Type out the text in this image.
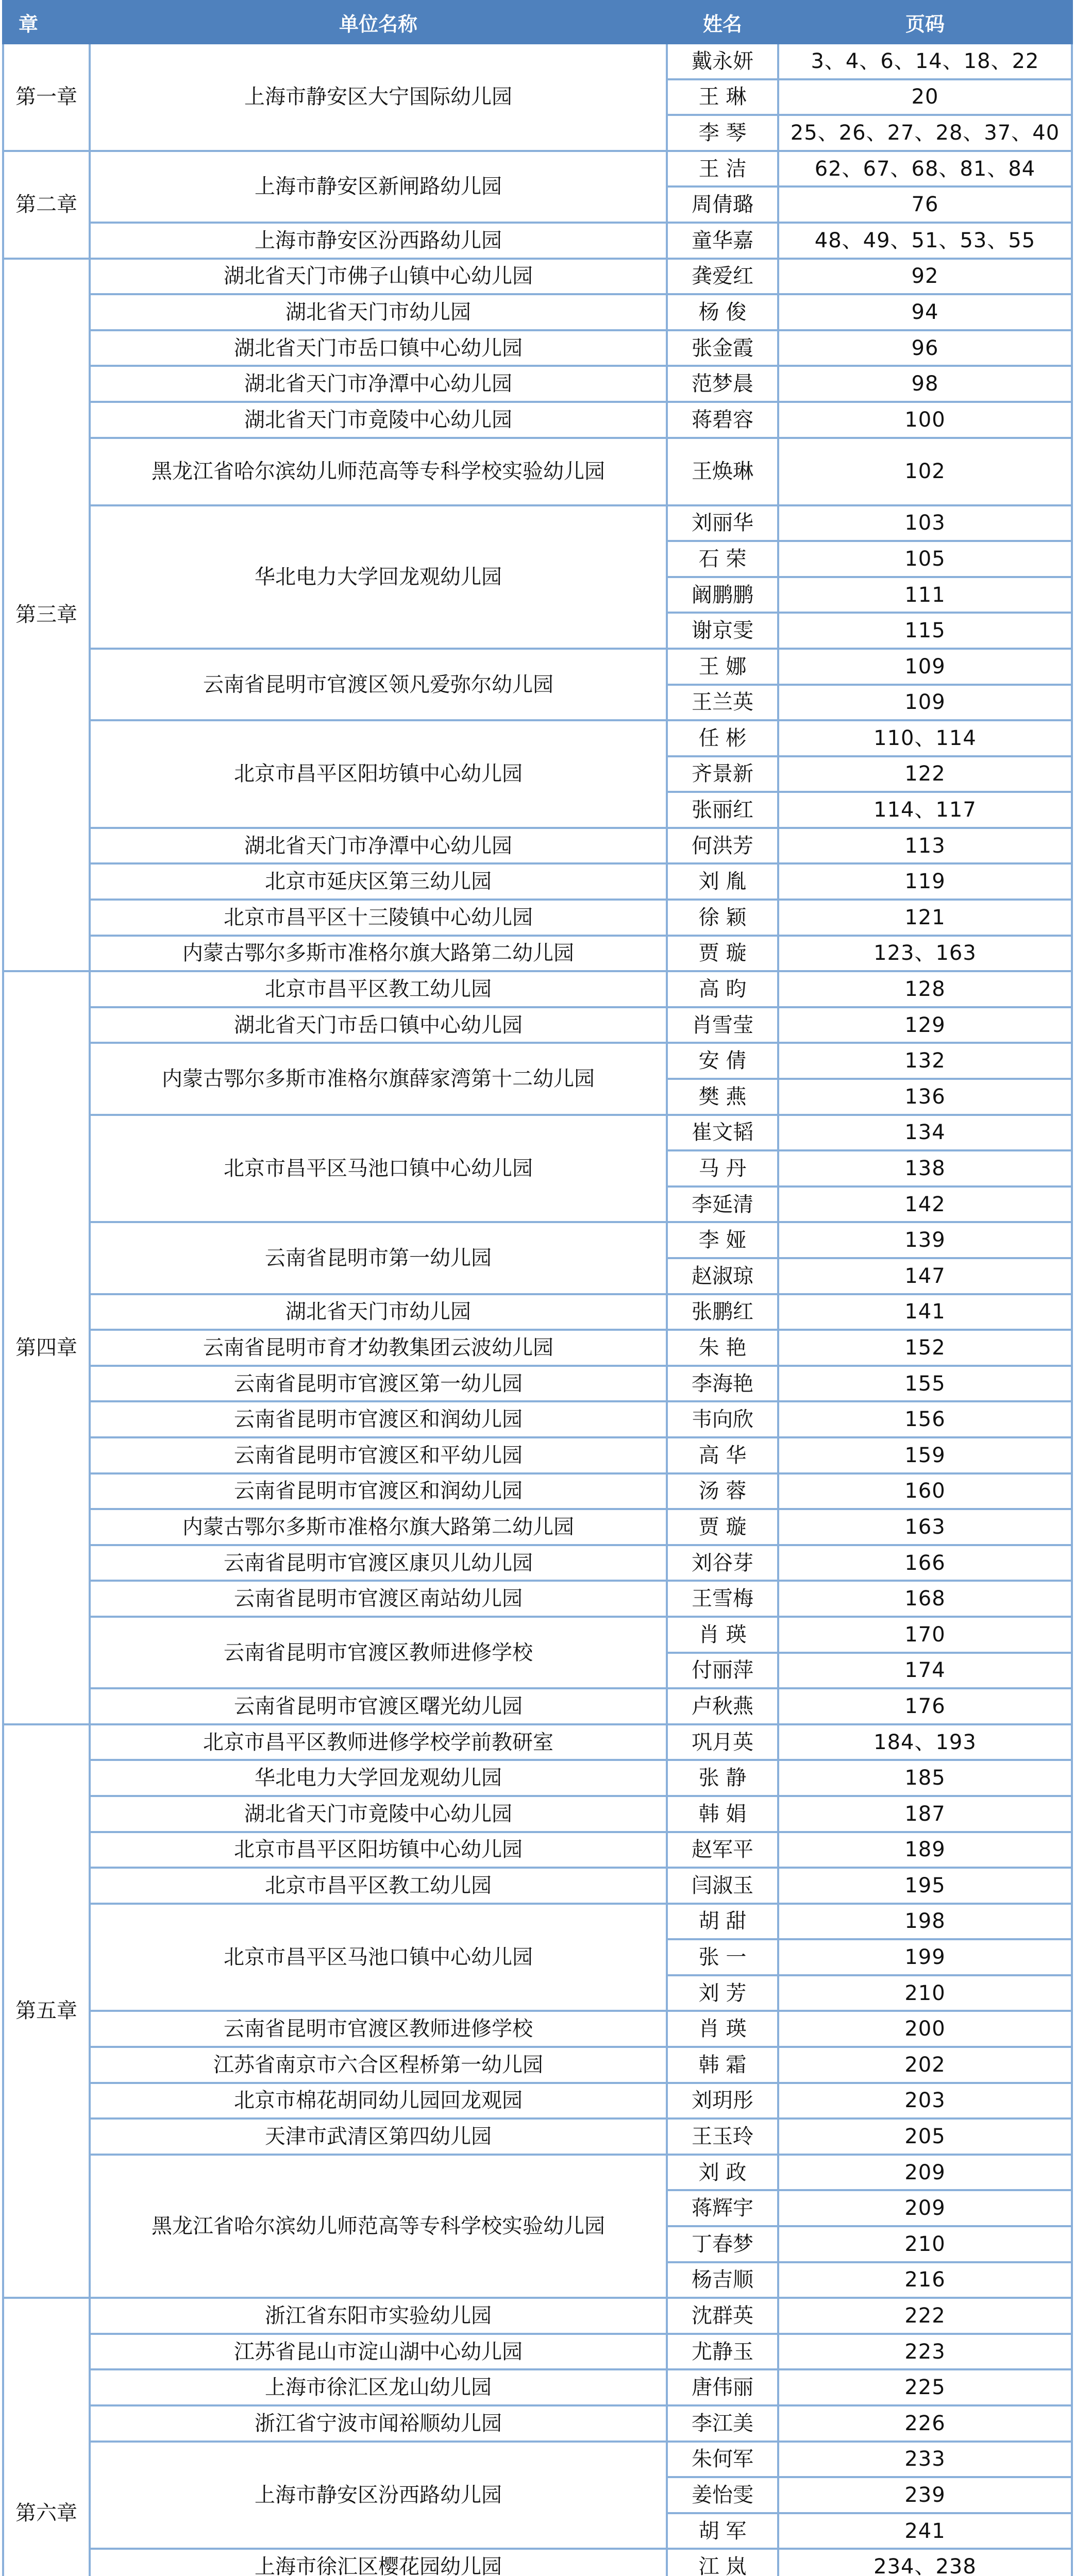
章	单位名称	姓名	页码
第一章	上海市静安区大宁国际幼儿园	戴永妍	3、4、6、14、18、22
		王 琳	20
		李 琴	25、26、27、28、37、40
第二章	上海市静安区新闸路幼儿园	王 洁	62、67、68、81、84
		周倩璐	76
	上海市静安区汾西路幼儿园	童华嘉	48、49、51、53、55
第三章	湖北省天门市佛子山镇中心幼儿园	龚爱红	92
	湖北省天门市幼儿园	杨 俊	94
	湖北省天门市岳口镇中心幼儿园	张金霞	96
	湖北省天门市净潭中心幼儿园	范梦晨	98
	湖北省天门市竟陵中心幼儿园	蒋碧容	100
	黑龙江省哈尔滨幼儿师范高等专科学校实验幼儿园	王焕琳	102
	华北电力大学回龙观幼儿园	刘丽华	103
		石 荣	105
		阚鹏鹏	111
		谢京雯	115
	云南省昆明市官渡区领凡爱弥尔幼儿园	王 娜	109
		王兰英	109
	北京市昌平区阳坊镇中心幼儿园	任 彬	110、114
		齐景新	122
		张丽红	114、117
	湖北省天门市净潭中心幼儿园	何洪芳	113
	北京市延庆区第三幼儿园	刘 胤	119
	北京市昌平区十三陵镇中心幼儿园	徐 颖	121
	内蒙古鄂尔多斯市准格尔旗大路第二幼儿园	贾 璇	123、163
第四章	北京市昌平区教工幼儿园	高 昀	128
	湖北省天门市岳口镇中心幼儿园	肖雪莹	129
	内蒙古鄂尔多斯市准格尔旗薛家湾第十二幼儿园	安 倩	132
		樊 燕	136
	北京市昌平区马池口镇中心幼儿园	崔文韬	134
		马 丹	138
		李延清	142
	云南省昆明市第一幼儿园	李 娅	139
		赵淑琼	147
	湖北省天门市幼儿园	张鹏红	141
	云南省昆明市育才幼教集团云波幼儿园	朱 艳	152
	云南省昆明市官渡区第一幼儿园	李海艳	155
	云南省昆明市官渡区和润幼儿园	韦向欣	156
	云南省昆明市官渡区和平幼儿园	高 华	159
	云南省昆明市官渡区和润幼儿园	汤 蓉	160
	内蒙古鄂尔多斯市准格尔旗大路第二幼儿园	贾 璇	163
	云南省昆明市官渡区康贝儿幼儿园	刘谷芽	166
	云南省昆明市官渡区南站幼儿园	王雪梅	168
	云南省昆明市官渡区教师进修学校	肖 瑛	170
		付丽萍	174
	云南省昆明市官渡区曙光幼儿园	卢秋燕	176
第五章	北京市昌平区教师进修学校学前教研室	巩月英	184、193
	华北电力大学回龙观幼儿园	张 静	185
	湖北省天门市竟陵中心幼儿园	韩 娟	187
	北京市昌平区阳坊镇中心幼儿园	赵军平	189
	北京市昌平区教工幼儿园	闫淑玉	195
	北京市昌平区马池口镇中心幼儿园	胡 甜	198
		张 一	199
		刘 芳	210
	云南省昆明市官渡区教师进修学校	肖 瑛	200
	江苏省南京市六合区程桥第一幼儿园	韩 霜	202
	北京市棉花胡同幼儿园回龙观园	刘玥彤	203
	天津市武清区第四幼儿园	王玉玲	205
	黑龙江省哈尔滨幼儿师范高等专科学校实验幼儿园	刘 政	209
		蒋辉宇	209
		丁春梦	210
		杨吉顺	216
第六章	浙江省东阳市实验幼儿园	沈群英	222
	江苏省昆山市淀山湖中心幼儿园	尤静玉	223
	上海市徐汇区龙山幼儿园	唐伟丽	225
	浙江省宁波市闻裕顺幼儿园	李江美	226
	上海市静安区汾西路幼儿园	朱何军	233
		姜怡雯	239
		胡 军	241
	上海市徐汇区樱花园幼儿园	江 岚	234、238
